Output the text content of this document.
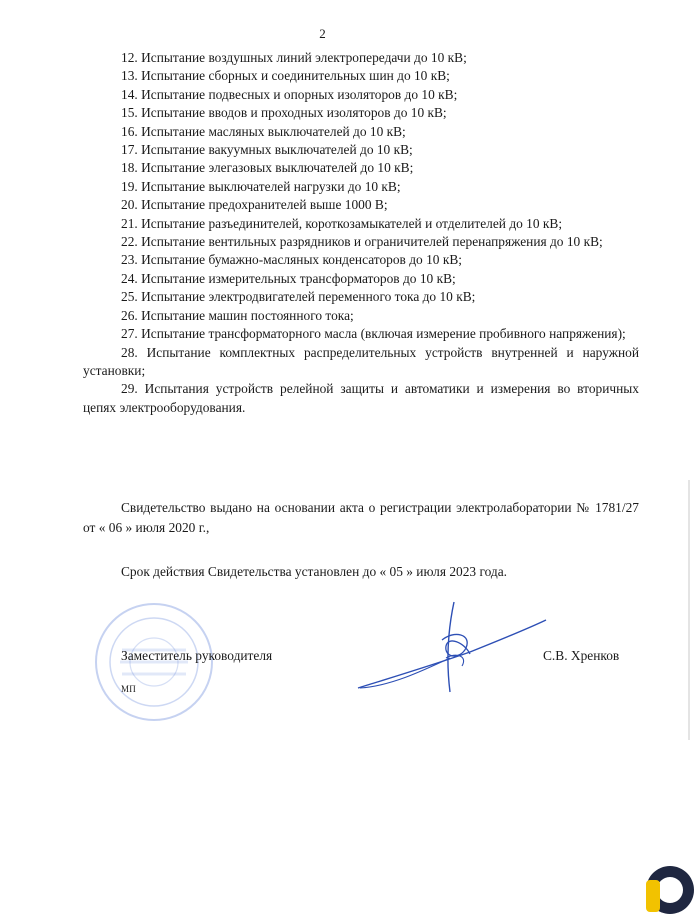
2
12. Испытание воздушных линий электропередачи до 10 кВ;
13. Испытание сборных и соединительных шин до 10 кВ;
14. Испытание подвесных и опорных изоляторов до 10 кВ;
15. Испытание вводов и проходных изоляторов до 10 кВ;
16. Испытание масляных выключателей до 10 кВ;
17. Испытание вакуумных выключателей до 10 кВ;
18. Испытание элегазовых выключателей до 10 кВ;
19. Испытание выключателей нагрузки до 10 кВ;
20. Испытание предохранителей выше 1000 В;
21. Испытание разъединителей, короткозамыкателей и отделителей до 10 кВ;
22. Испытание вентильных разрядников и ограничителей перенапряжения до 10 кВ;
23. Испытание бумажно-масляных конденсаторов до 10 кВ;
24. Испытание измерительных трансформаторов до 10 кВ;
25. Испытание электродвигателей переменного тока до 10 кВ;
26. Испытание машин постоянного тока;
27. Испытание трансформаторного масла (включая измерение пробивного напряжения);
28. Испытание комплектных распределительных устройств внутренней и наружной установки;
29. Испытания устройств релейной защиты и автоматики и измерения во вторичных цепях электрооборудования.
Свидетельство выдано на основании акта о регистрации электролаборатории № 1781/27 от « 06 » июля 2020 г.,
Срок действия Свидетельства установлен до « 05 » июля 2023 года.
Заместитель руководителя
МП
С.В. Хренков
